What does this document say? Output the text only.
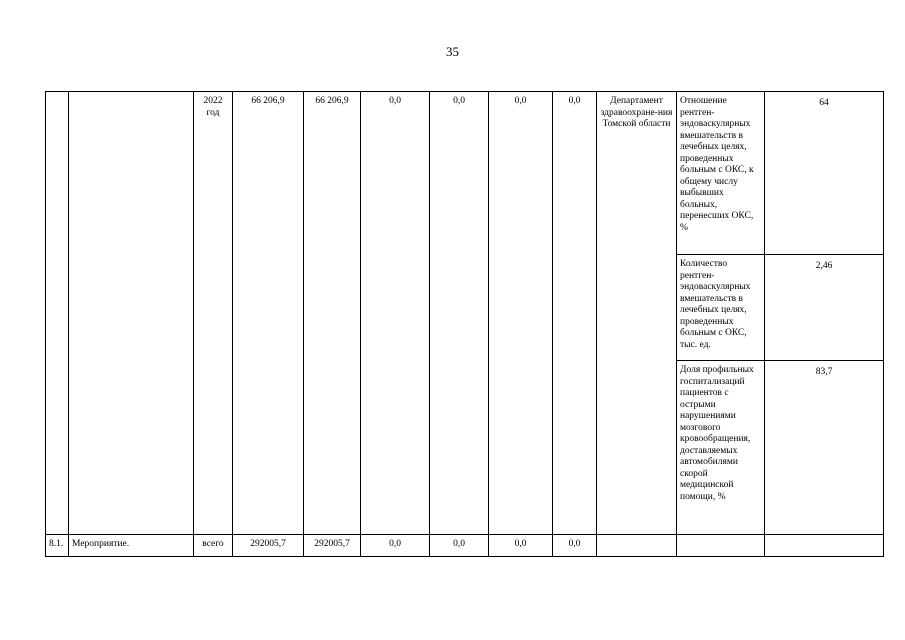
35
		2022 год	66 206,9	66 206,9	0,0	0,0	0,0	0,0	Департамент здравоохране-ния Томской области	Отношение рентген-эндоваскулярных вмешательств в лечебных целях, проведенных больным с ОКС, к общему числу выбывших больных, перенесших ОКС, %	64
										Количество рентген-эндоваскулярных вмешательств в лечебных целях, проведенных больным с ОКС, тыс. ед.	2,46
										Доля профильных госпитализаций пациентов с острыми нарушениями мозгового кровообращения, доставляемых автомобилями скорой медицинской помощи, %	83,7
8.1.	Мероприятие.	всего	292005,7	292005,7	0,0	0,0	0,0	0,0			
